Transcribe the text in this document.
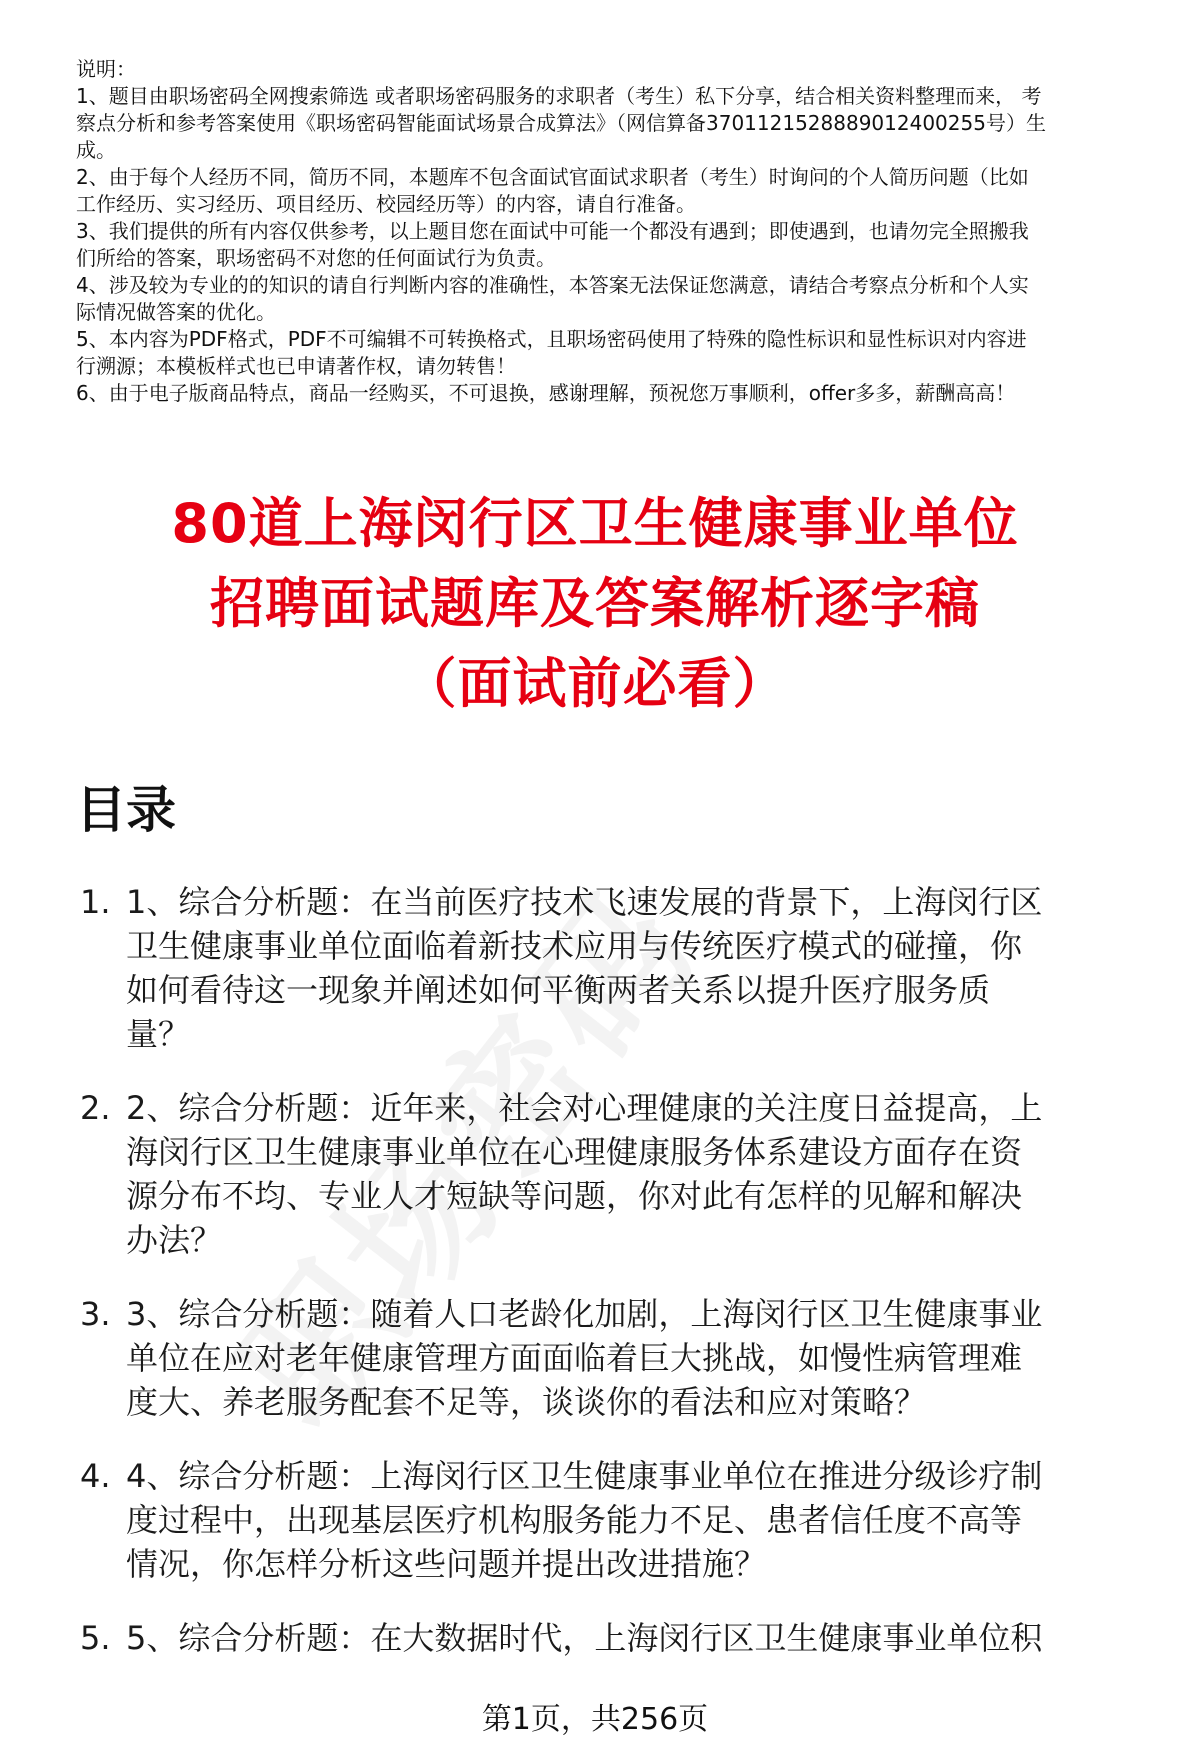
说明：

1、题目由职场密码全网搜索筛选 或者职场密码服务的求职者（考生）私下分享，结合相关资料整理而来， 考

察点分析和参考答案使用《职场密码智能面试场景合成算法》（网信算备3701121528889012400255号）生

成。

2、由于每个人经历不同，简历不同，本题库不包含面试官面试求职者（考生）时询问的个人简历问题（比如

工作经历、实习经历、项目经历、校园经历等）的内容，请自行准备。

3、我们提供的所有内容仅供参考，以上题目您在面试中可能一个都没有遇到；即使遇到，也请勿完全照搬我

们所给的答案，职场密码不对您的任何面试行为负责。

4、涉及较为专业的的知识的请自行判断内容的准确性，本答案无法保证您满意，请结合考察点分析和个人实

际情况做答案的优化。

5、本内容为PDF格式，PDF不可编辑不可转换格式，且职场密码使用了特殊的隐性标识和显性标识对内容进

行溯源；本模板样式也已申请著作权，请勿转售！

6、由于电子版商品特点，商品一经购买，不可退换，感谢理解，预祝您万事顺利，offer多多，薪酬高高！

80道上海闵行区卫生健康事业单位
招聘面试题库及答案解析逐字稿
（面试前必看）
目录
1. 1、综合分析题：在当前医疗技术飞速发展的背景下，上海闵行区
卫生健康事业单位面临着新技术应用与传统医疗模式的碰撞，你
如何看待这一现象并阐述如何平衡两者关系以提升医疗服务质
量？
2. 2、综合分析题：近年来，社会对心理健康的关注度日益提高，上
海闵行区卫生健康事业单位在心理健康服务体系建设方面存在资
源分布不均、专业人才短缺等问题，你对此有怎样的见解和解决
办法？
3. 3、综合分析题：随着人口老龄化加剧，上海闵行区卫生健康事业
单位在应对老年健康管理方面面临着巨大挑战，如慢性病管理难
度大、养老服务配套不足等，谈谈你的看法和应对策略？
4. 4、综合分析题：上海闵行区卫生健康事业单位在推进分级诊疗制
度过程中，出现基层医疗机构服务能力不足、患者信任度不高等
情况，你怎样分析这些问题并提出改进措施？
5. 5、综合分析题：在大数据时代，上海闵行区卫生健康事业单位积
第1页，共256页
